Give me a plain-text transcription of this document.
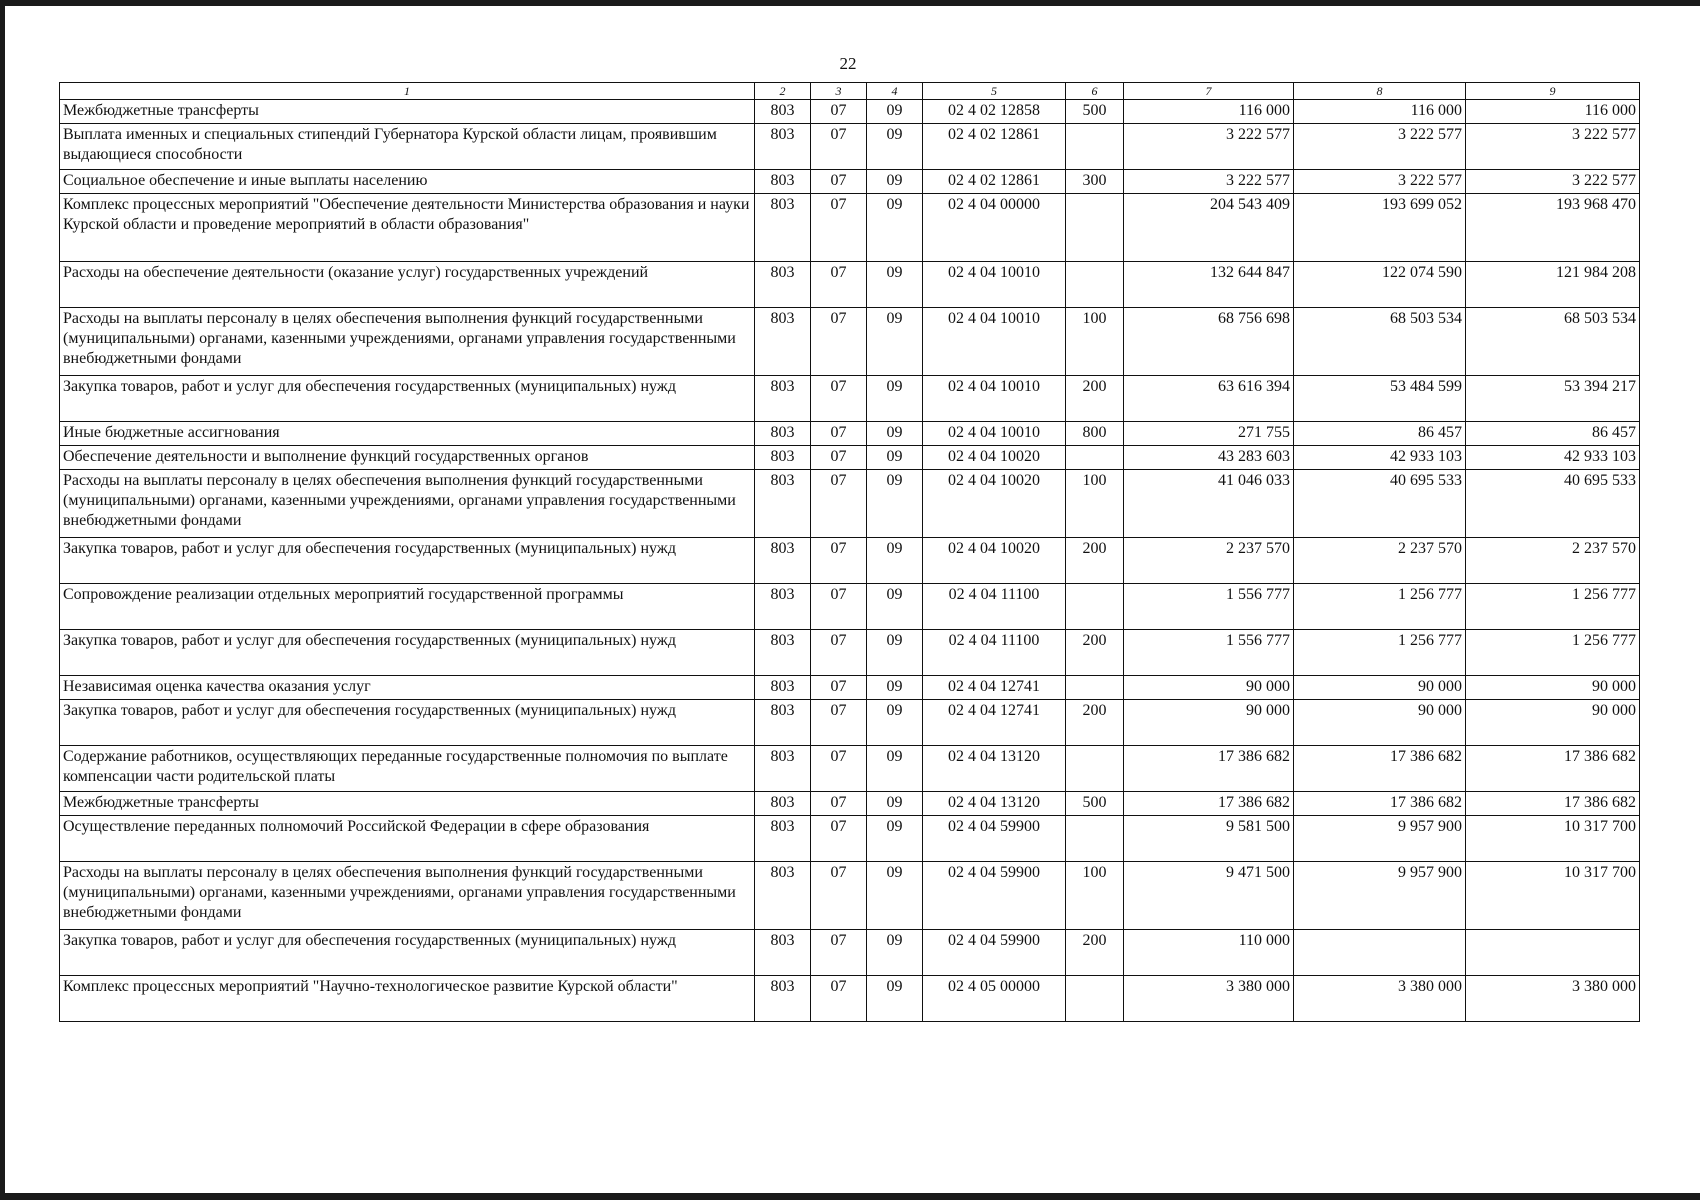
22
1	2	3	4	5	6	7	8	9
Межбюджетные трансферты	803	07	09	02 4 02 12858	500	116 000	116 000	116 000
Выплата именных и специальных стипендий Губернатора Курской области лицам, проявившим выдающиеся способности	803	07	09	02 4 02 12861		3 222 577	3 222 577	3 222 577
Социальное обеспечение и иные выплаты населению	803	07	09	02 4 02 12861	300	3 222 577	3 222 577	3 222 577
Комплекс процессных мероприятий "Обеспечение деятельности Министерства образования и науки Курской области и проведение мероприятий в области образования"	803	07	09	02 4 04 00000		204 543 409	193 699 052	193 968 470
Расходы на обеспечение деятельности (оказание услуг) государственных учреждений	803	07	09	02 4 04 10010		132 644 847	122 074 590	121 984 208
Расходы на выплаты персоналу в целях обеспечения выполнения функций государственными (муниципальными) органами, казенными учреждениями, органами управления государственными внебюджетными фондами	803	07	09	02 4 04 10010	100	68 756 698	68 503 534	68 503 534
Закупка товаров, работ и услуг для обеспечения государственных (муниципальных) нужд	803	07	09	02 4 04 10010	200	63 616 394	53 484 599	53 394 217
Иные бюджетные ассигнования	803	07	09	02 4 04 10010	800	271 755	86 457	86 457
Обеспечение деятельности и выполнение функций государственных органов	803	07	09	02 4 04 10020		43 283 603	42 933 103	42 933 103
Расходы на выплаты персоналу в целях обеспечения выполнения функций государственными (муниципальными) органами, казенными учреждениями, органами управления государственными внебюджетными фондами	803	07	09	02 4 04 10020	100	41 046 033	40 695 533	40 695 533
Закупка товаров, работ и услуг для обеспечения государственных (муниципальных) нужд	803	07	09	02 4 04 10020	200	2 237 570	2 237 570	2 237 570
Сопровождение реализации отдельных мероприятий государственной программы	803	07	09	02 4 04 11100		1 556 777	1 256 777	1 256 777
Закупка товаров, работ и услуг для обеспечения государственных (муниципальных) нужд	803	07	09	02 4 04 11100	200	1 556 777	1 256 777	1 256 777
Независимая оценка качества оказания услуг	803	07	09	02 4 04 12741		90 000	90 000	90 000
Закупка товаров, работ и услуг для обеспечения государственных (муниципальных) нужд	803	07	09	02 4 04 12741	200	90 000	90 000	90 000
Содержание работников, осуществляющих переданные государственные полномочия по выплате компенсации части родительской платы	803	07	09	02 4 04 13120		17 386 682	17 386 682	17 386 682
Межбюджетные трансферты	803	07	09	02 4 04 13120	500	17 386 682	17 386 682	17 386 682
Осуществление переданных полномочий Российской Федерации в сфере образования	803	07	09	02 4 04 59900		9 581 500	9 957 900	10 317 700
Расходы на выплаты персоналу в целях обеспечения выполнения функций государственными (муниципальными) органами, казенными учреждениями, органами управления государственными внебюджетными фондами	803	07	09	02 4 04 59900	100	9 471 500	9 957 900	10 317 700
Закупка товаров, работ и услуг для обеспечения государственных (муниципальных) нужд	803	07	09	02 4 04 59900	200	110 000		
Комплекс процессных мероприятий "Научно-технологическое развитие Курской области"	803	07	09	02 4 05 00000		3 380 000	3 380 000	3 380 000
